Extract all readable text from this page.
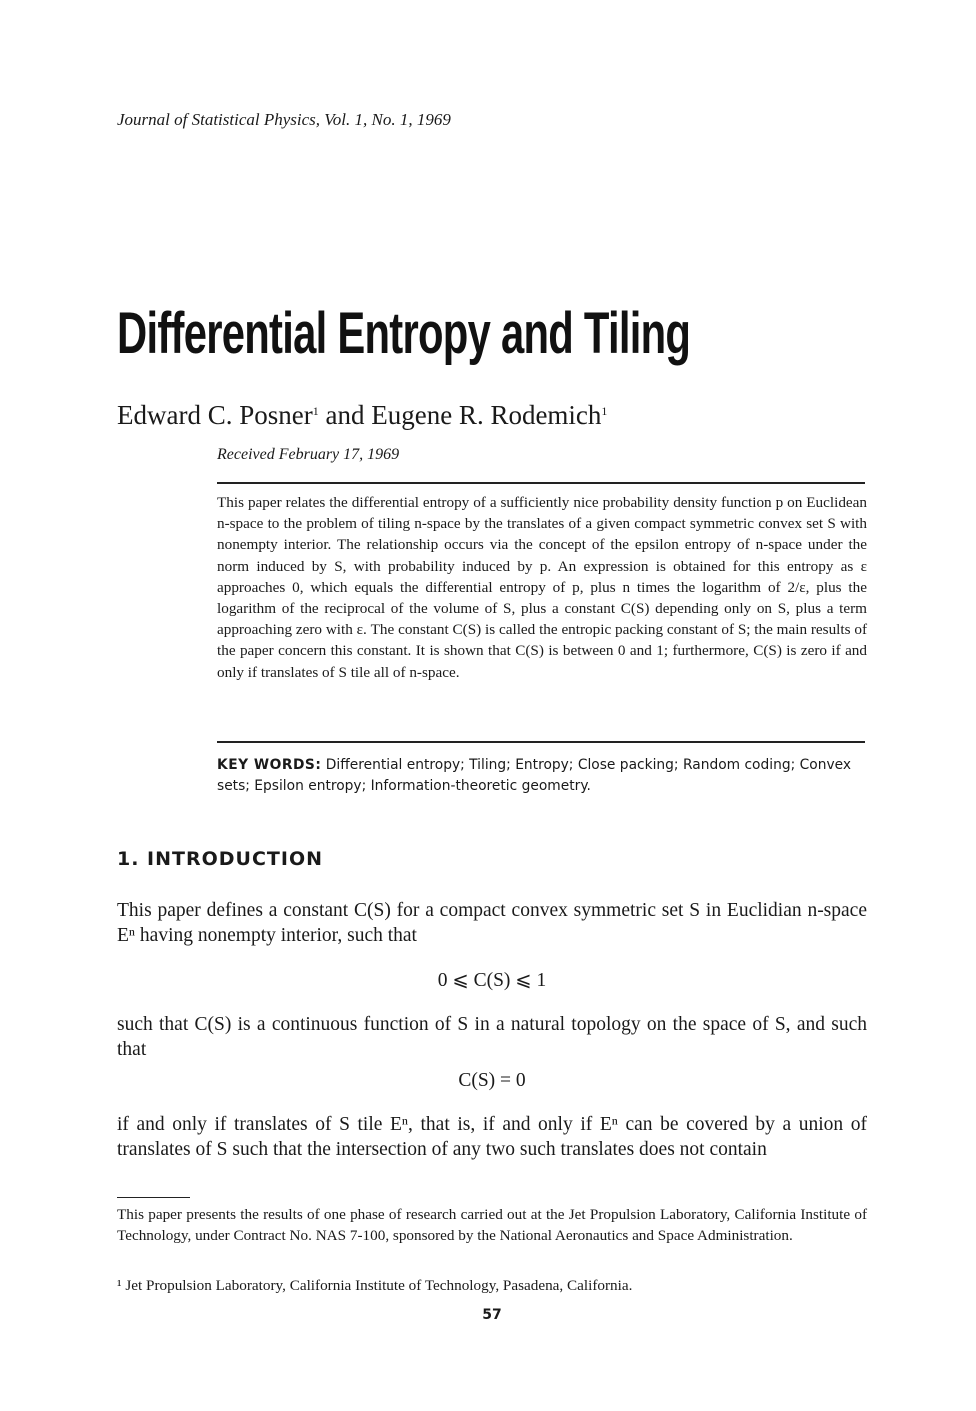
Journal of Statistical Physics, Vol. 1, No. 1, 1969
Differential Entropy and Tiling
Edward C. Posner$^1$ and Eugene R. Rodemich$^1$
Received February 17, 1969

This paper relates the differential entropy of a sufficiently nice probability density function p on Euclidean n-space to the problem of tiling n-space by the translates of a given compact symmetric convex set S with nonempty interior. The relationship occurs via the concept of the epsilon entropy of n-space under the norm induced by S, with probability induced by p. An expression is obtained for this entropy as ε approaches 0, which equals the differential entropy of p, plus n times the logarithm of 2/ε, plus the logarithm of the reciprocal of the volume of S, plus a constant C(S) depending only on S, plus a term approaching zero with ε. The constant C(S) is called the entropic packing constant of S; the main results of the paper concern this constant. It is shown that C(S) is between 0 and 1; furthermore, C(S) is zero if and only if translates of S tile all of n-space.

KEY WORDS: Differential entropy; Tiling; Entropy; Close packing; Random coding; Convex sets; Epsilon entropy; Information-theoretic geometry.

1. INTRODUCTION

This paper defines a constant C(S) for a compact convex symmetric set S in Euclidian n-space Eⁿ having nonempty interior, such that

0 ⩽ C(S) ⩽ 1

such that C(S) is a continuous function of S in a natural topology on the space of S, and such that

C(S) = 0

if and only if translates of S tile Eⁿ, that is, if and only if Eⁿ can be covered by a union of translates of S such that the intersection of any two such translates does not contain

This paper presents the results of one phase of research carried out at the Jet Propulsion Laboratory, California Institute of Technology, under Contract No. NAS 7-100, sponsored by the National Aeronautics and Space Administration.

¹ Jet Propulsion Laboratory, California Institute of Technology, Pasadena, California.

57
